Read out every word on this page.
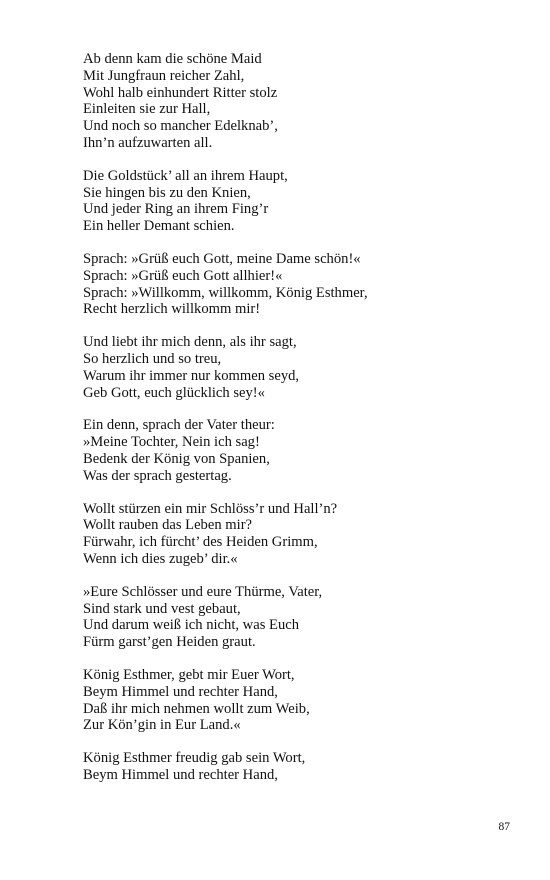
Ab denn kam die schöne Maid
Mit Jungfraun reicher Zahl,
Wohl halb einhundert Ritter stolz
Einleiten sie zur Hall,
Und noch so mancher Edelknab’,
Ihn’n aufzuwarten all.
Die Goldstück’ all an ihrem Haupt,
Sie hingen bis zu den Knien,
Und jeder Ring an ihrem Fing’r
Ein heller Demant schien.
Sprach: »Grüß euch Gott, meine Dame schön!«
Sprach: »Grüß euch Gott allhier!«
Sprach: »Willkomm, willkomm, König Esthmer,
Recht herzlich willkomm mir!
Und liebt ihr mich denn, als ihr sagt,
So herzlich und so treu,
Warum ihr immer nur kommen seyd,
Geb Gott, euch glücklich sey!«
Ein denn, sprach der Vater theur:
»Meine Tochter, Nein ich sag!
Bedenk der König von Spanien,
Was der sprach gestertag.
Wollt stürzen ein mir Schlöss’r und Hall’n?
Wollt rauben das Leben mir?
Fürwahr, ich fürcht’ des Heiden Grimm,
Wenn ich dies zugeb’ dir.«
»Eure Schlösser und eure Thürme, Vater,
Sind stark und vest gebaut,
Und darum weiß ich nicht, was Euch
Fürm garst’gen Heiden graut.
König Esthmer, gebt mir Euer Wort,
Beym Himmel und rechter Hand,
Daß ihr mich nehmen wollt zum Weib,
Zur Kön’gin in Eur Land.«
König Esthmer freudig gab sein Wort,
Beym Himmel und rechter Hand,
87
